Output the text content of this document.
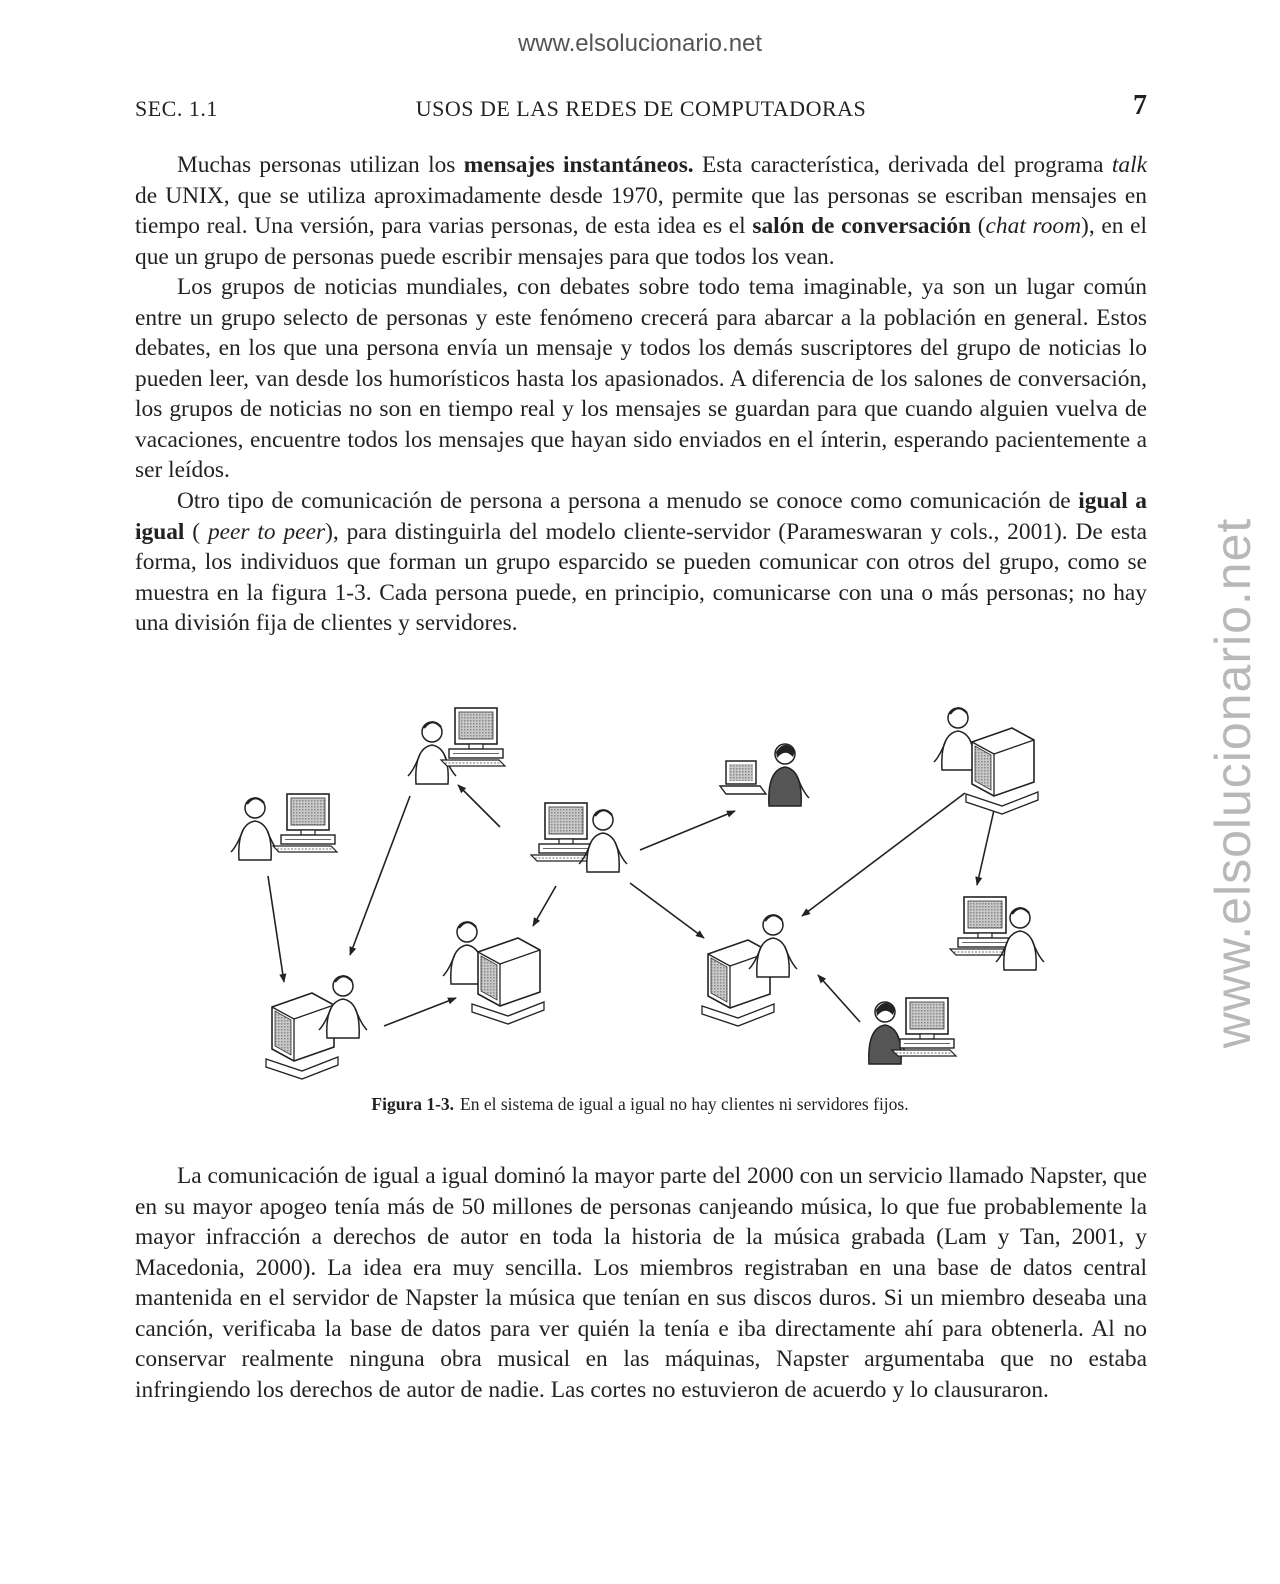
www.elsolucionario.net
www.elsolucionario.net
SEC. 1.1	USOS DE LAS REDES DE COMPUTADORAS	7

Muchas personas utilizan los mensajes instantáneos. Esta característica, derivada del programa talk de UNIX, que se utiliza aproximadamente desde 1970, permite que las personas se escriban mensajes en tiempo real. Una versión, para varias personas, de esta idea es el salón de conversación (chat room), en el que un grupo de personas puede escribir mensajes para que todos los vean.

Los grupos de noticias mundiales, con debates sobre todo tema imaginable, ya son un lugar común entre un grupo selecto de personas y este fenómeno crecerá para abarcar a la población en general. Estos debates, en los que una persona envía un mensaje y todos los demás suscriptores del grupo de noticias lo pueden leer, van desde los humorísticos hasta los apasionados. A diferencia de los salones de conversación, los grupos de noticias no son en tiempo real y los mensajes se guardan para que cuando alguien vuelva de vacaciones, encuentre todos los mensajes que hayan sido enviados en el ínterin, esperando pacientemente a ser leídos.

Otro tipo de comunicación de persona a persona a menudo se conoce como comunicación de igual a igual ( peer to peer), para distinguirla del modelo cliente-servidor (Parameswaran y cols., 2001). De esta forma, los individuos que forman un grupo esparcido se pueden comunicar con otros del grupo, como se muestra en la figura 1-3. Cada persona puede, en principio, comunicarse con una o más personas; no hay una división fija de clientes y servidores.

Figura 1-3. En el sistema de igual a igual no hay clientes ni servidores fijos.

La comunicación de igual a igual dominó la mayor parte del 2000 con un servicio llamado Napster, que en su mayor apogeo tenía más de 50 millones de personas canjeando música, lo que fue probablemente la mayor infracción a derechos de autor en toda la historia de la música grabada (Lam y Tan, 2001, y Macedonia, 2000). La idea era muy sencilla. Los miembros registraban en una base de datos central mantenida en el servidor de Napster la música que tenían en sus discos duros. Si un miembro deseaba una canción, verificaba la base de datos para ver quién la tenía e iba directamente ahí para obtenerla. Al no conservar realmente ninguna obra musical en las máquinas, Napster argumentaba que no estaba infringiendo los derechos de autor de nadie. Las cortes no estuvieron de acuerdo y lo clausuraron.
